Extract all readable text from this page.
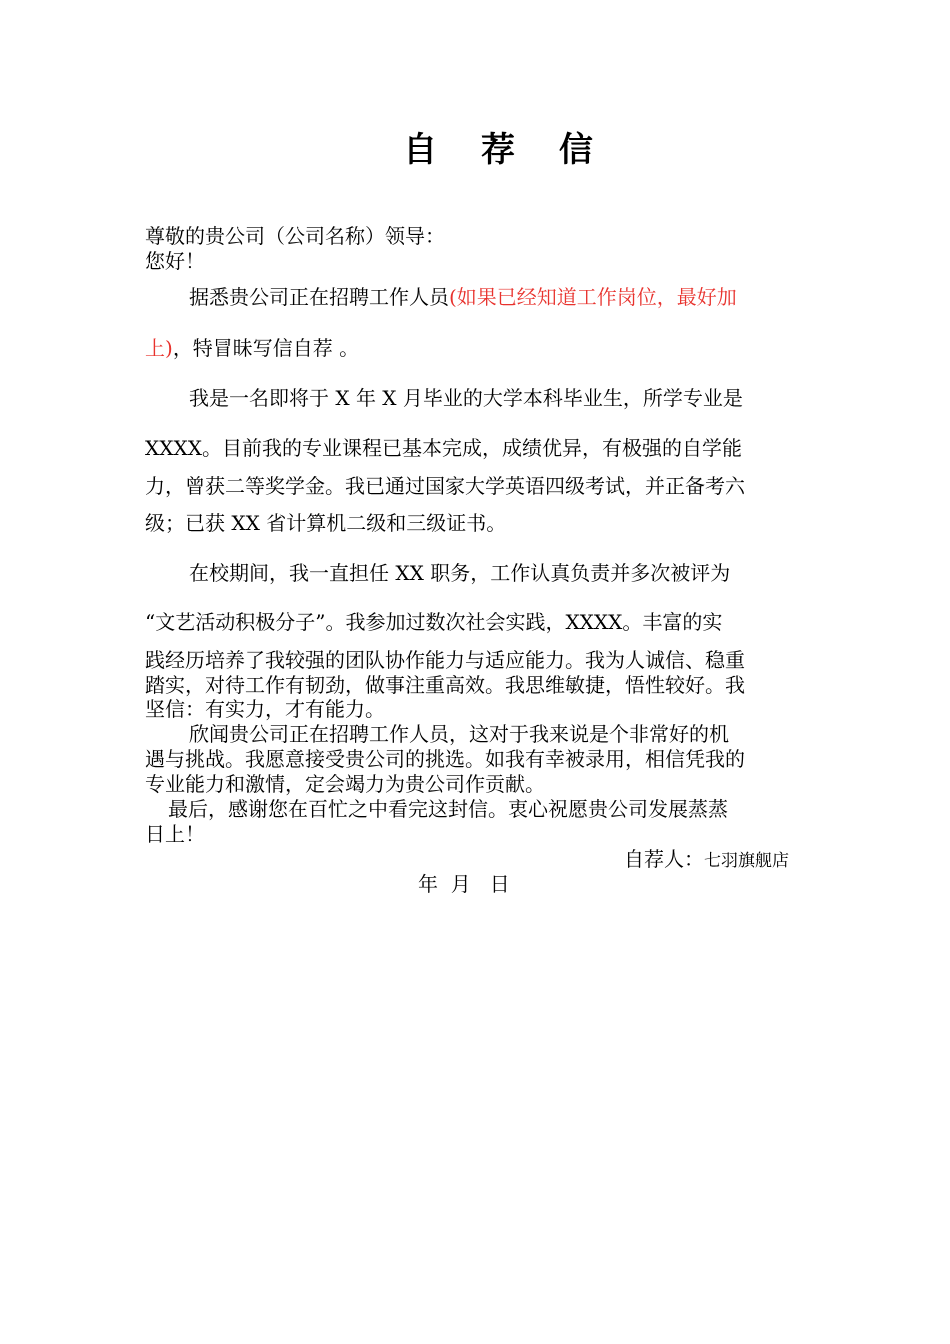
自 荐 信
尊敬的贵公司（公司名称）领导：
您好！
据悉贵公司正在招聘工作人员(如果已经知道工作岗位，最好加
上)，特冒昧写信自荐 。
我是一名即将于 X 年 X 月毕业的大学本科毕业生，所学专业是
XXXX。目前我的专业课程已基本完成，成绩优异，有极强的自学能
力，曾获二等奖学金。我已通过国家大学英语四级考试，并正备考六
级；已获 XX 省计算机二级和三级证书。
在校期间，我一直担任 XX 职务，工作认真负责并多次被评为
“文艺活动积极分子”。我参加过数次社会实践，XXXX。丰富的实
践经历培养了我较强的团队协作能力与适应能力。我为人诚信、稳重
踏实，对待工作有韧劲，做事注重高效。我思维敏捷，悟性较好。我
坚信：有实力，才有能力。
欣闻贵公司正在招聘工作人员，这对于我来说是个非常好的机
遇与挑战。我愿意接受贵公司的挑选。如我有幸被录用，相信凭我的
专业能力和激情，定会竭力为贵公司作贡献。
最后，感谢您在百忙之中看完这封信。衷心祝愿贵公司发展蒸蒸
日上！
自荐人：七羽旗舰店
年  月   日
